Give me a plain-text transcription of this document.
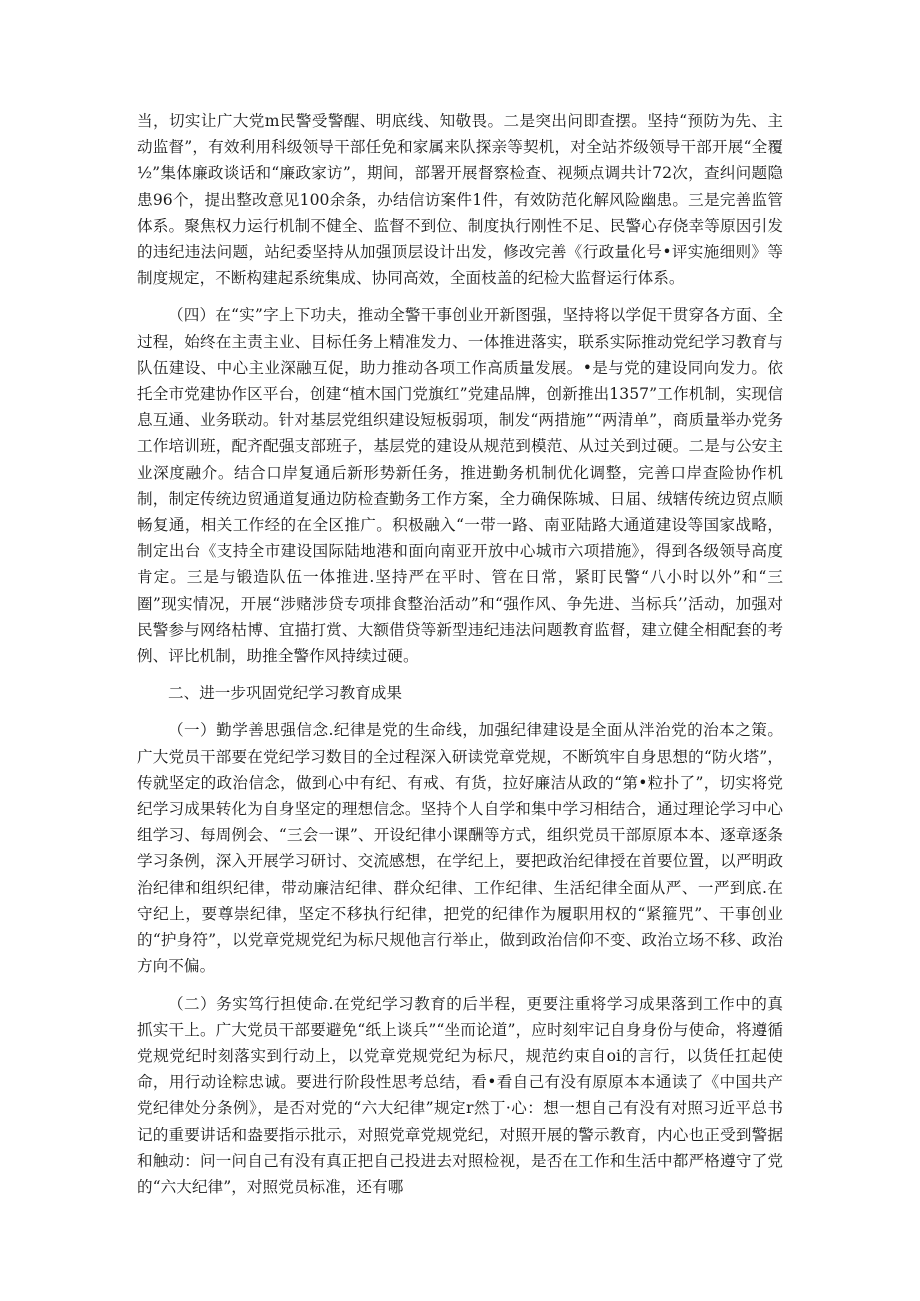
当，切实让广大党m民警受警醒、明底线、知敬畏。二是突出问即查摆。坚持“预防为先、主动监督”，有效利用科级领导干部任免和家属来队探亲等契机，对全站芥级领导干部开展“全覆½”集体廉政谈话和“廉政家访”，期间，部署开展督察检查、视频点调共计72次，查纠问题隐患96个，提出整改意见100余条，办结信访案件1件，有效防范化解风险幽患。三是完善监管体系。聚焦权力运行机制不健全、监督不到位、制度执行刚性不足、民警心存侥幸等原因引发的违纪违法问题，站纪委坚持从加强顶层设计出发，修改完善《行政量化号•评实施细则》等制度规定，不断构建起系统集成、协同高效，全面枝盖的纪检大监督运行体系。

（四）在“实”字上下功夫，推动全警干事创业开新图强，坚持将以学促干贯穿各方面、全过程，始终在主责主业、目标任务上精准发力、一体推进落实，联系实际推动党纪学习教育与队伍建设、中心主业深融互促，助力推动各项工作高质量发展。•是与党的建设同向发力。依托全市党建协作区平台，创建“植木国门党旗红”党建品牌，创新推出1357”工作机制，实现信息互通、业务联动。针对基层党组织建设短板弱项，制发“两措施”“两清单”，商质量举办党务工作培训班，配齐配强支部班子，基层党的建设从规范到模范、从过关到过硬。二是与公安主业深度融介。结合口岸复通后新形势新任务，推进勤务机制优化调整，完善口岸查险协作机制，制定传统边贸通道复通边防检查勤务工作方案，全力确保陈城、日届、绒辖传统边贸点顺畅复通，相关工作经的在全区推广。积极融入“一带一路、南亚陆路大通道建设等国家战略，制定出台《支持全市建设国际陆地港和面向南亚开放中心城市六项措施》，得到各级领导高度肯定。三是与锻造队伍一体推进.坚持严在平时、管在日常，紧盯民警“八小时以外”和“三圈”现实情况，开展“涉赌涉贷专项排食整治活动”和“强作风、争先进、当标兵’’活动，加强对民警参与网络枯博、宜描打赏、大额借贷等新型违纪违法问题教育监督，建立健全相配套的考例、评比机制，助推全警作风持续过硬。

二、进一步巩固党纪学习教育成果

（一）勤学善思强信念.纪律是党的生命线，加强纪律建设是全面从泮治党的治本之策。广大党员干部要在党纪学习数目的全过程深入研读党章党规，不断筑牢自身思想的“防火塔”，传就坚定的政治信念，做到心中有纪、有戒、有货，拉好廉洁从政的“第•粒扑了”，切实将党纪学习成果转化为自身坚定的理想信念。坚持个人自学和集中学习相结合，通过理论学习中心组学习、每周例会、“三会一课”、开设纪律小课酬等方式，组织党员干部原原本本、逐章逐条学习条例，深入开展学习研讨、交流感想，在学纪上，要把政治纪律授在首要位置，以严明政治纪律和组织纪律，带动廉洁纪律、群众纪律、工作纪律、生活纪律全面从严、一严到底.在守纪上，要尊崇纪律，坚定不移执行纪律，把党的纪律作为履职用权的“紧箍咒”、干事创业的“护身符”，以党章党规党纪为标尺规他言行举止，做到政治信仰不变、政治立场不移、政治方向不偏。

（二）务实笃行担使命.在党纪学习教育的后半程，更要注重将学习成果落到工作中的真抓实干上。广大党员干部要避免“纸上谈兵”“坐而论道”，应时刻牢记自身身份与使命，将遵循党规党纪时刻落实到行动上，以党章党规党纪为标尺，规范约束自oi的言行，以货任扛起使命，用行动诠粽忠诚。要进行阶段性思考总结，看•看自己有没有原原本本通读了《中国共产党纪律处分条例》，是否对党的“六大纪律”规定r然丁·心：想一想自己有没有对照习近平总书记的重要讲话和盎要指示批示，对照党章党规党纪，对照开展的警示教育，内心也正受到警据和触动：问一问自己有没有真正把自己投进去对照检视，是否在工作和生活中都严格遵守了党的“六大纪律”，对照党员标准，还有哪
